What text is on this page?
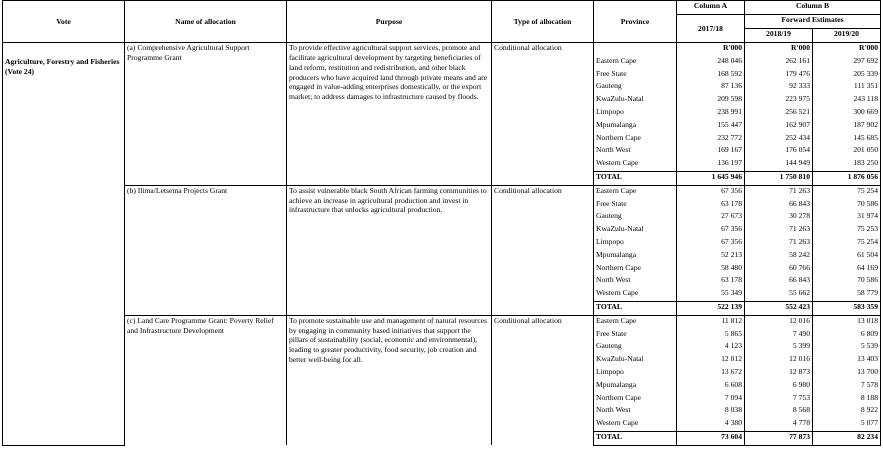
Vote	Name of allocation	Purpose	Type of allocation	Province	Column A	Column B	
					2017/18	Forward Estimates	
						2018/19	2019/20
Agriculture, Forestry and Fisheries (Vote 24)	(a) Comprehensive Agricultural Support Programme Grant	To provide effective agricultural support services, promote and facilitate agricultural development by targeting beneficiaries of land reform, restitution and redistribution, and other black producers who have acquired land through private means and are engaged in value-adding enterprises domestically, or the export market; to address damages to infrastructure caused by floods.	Conditional allocation		R'000	R'000	R'000
				Eastern Cape	248 046	262 161	297 692
				Free State	168 592	179 476	205 339
				Gauteng	87 136	92 333	111 351
				KwaZulu-Natal	209 598	223 975	243 118
				Limpopo	238 991	256 521	300 669
				Mpumalanga	155 447	162 907	187 902
				Northern Cape	232 772	252 434	145 685
				North West	169 167	176 054	201 050
				Western Cape	136 197	144 949	183 250
				TOTAL	1 645 946	1 750 810	1 876 056
	(b) Ilima/Letsema Projects Grant	To assist vulnerable black South African farming communities to achieve an increase in agricultural production and invest in infrastructure that unlocks agricultural production.	Conditional allocation	Eastern Cape	67 356	71 263	75 254
				Free State	63 178	66 843	70 586
				Gauteng	27 673	30 278	31 974
				KwaZulu-Natal	67 356	71 263	75 253
				Limpopo	67 356	71 263	75 254
				Mpumalanga	52 213	58 242	61 504
				Northern Cape	58 480	60 766	64 169
				North West	63 178	66 843	70 586
				Western Cape	55 349	55 662	58 779
				TOTAL	522 139	552 423	583 359
	(c) Land Care Programme Grant: Poverty Relief and Infrastructure Development	To promote sustainable use and management of natural resources by engaging in community based initiatives that support the pillars of sustainability (social, economic and environmental), leading to greater productivity, food security, job creation and better well-being for all.	Conditional allocation	Eastern Cape	11 812	12 016	13 018
				Free State	5 865	7 490	6 809
				Gauteng	4 123	5 399	5 539
				KwaZulu-Natal	12 012	12 016	13 403
				Limpopo	13 672	12 873	13 700
				Mpumalanga	6 608	6 980	7 578
				Northern Cape	7 094	7 753	8 188
				North West	8 038	8 568	8 922
				Western Cape	4 380	4 778	5 077
				TOTAL	73 604	77 873	82 234
